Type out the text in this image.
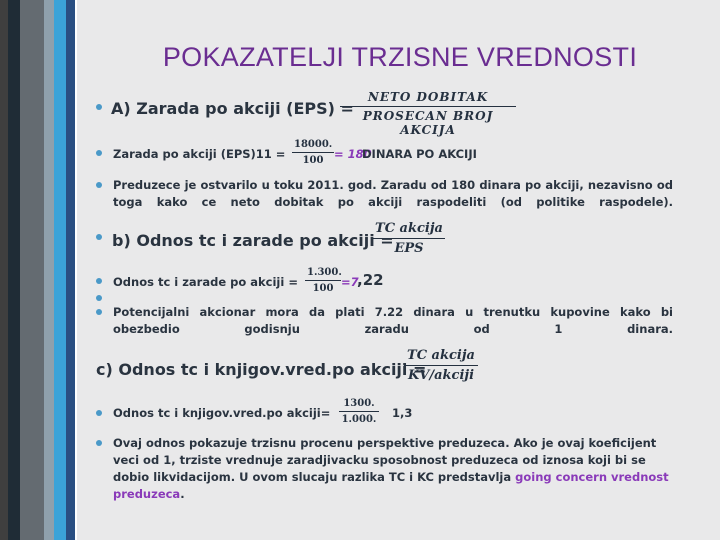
POKAZATELJI TRZISNE VREDNOSTI
A) Zarada po akciji (EPS) =
NETO DOBITAK
PROSECAN BROJ AKCIJA
Zarada po akciji $(EPS)11 = \frac{18000.}{100} = 180$
DINARA PO AKCIJI
Preduzece je ostvarilo u toku 2011. god. Zaradu od 180 dinara po akciji, nezavisno od toga kako ce neto dobitak po akciji raspodeliti (od politike raspodele).
b) Odnos tc i zarade po akciji =
TC akcija
EPS
Odnos tc i zarade po akciji = $\frac{1.300.}{100} =7$
,22
Potencijalni akcionar mora da plati 7.22 dinara u trenutku kupovine kako bi obezbedio godisnju zaradu od 1 dinara.
c) Odnos tc i knjigov.vred.po akciji =
TC akcija
KV/akciji
Odnos tc i knjigov.vred.po akciji= $\frac{1300.}{1.000.} 1,3$
Ovaj odnos pokazuje trzisnu procenu perspektive preduzeca. Ako je ovaj koeficijent veci od 1, trziste vrednuje zaradjivacku sposobnost preduzeca od iznosa koji bi se dobio likvidacijom. U ovom slucaju razlika TC i KC predstavlja going concern vrednost preduzeca.
